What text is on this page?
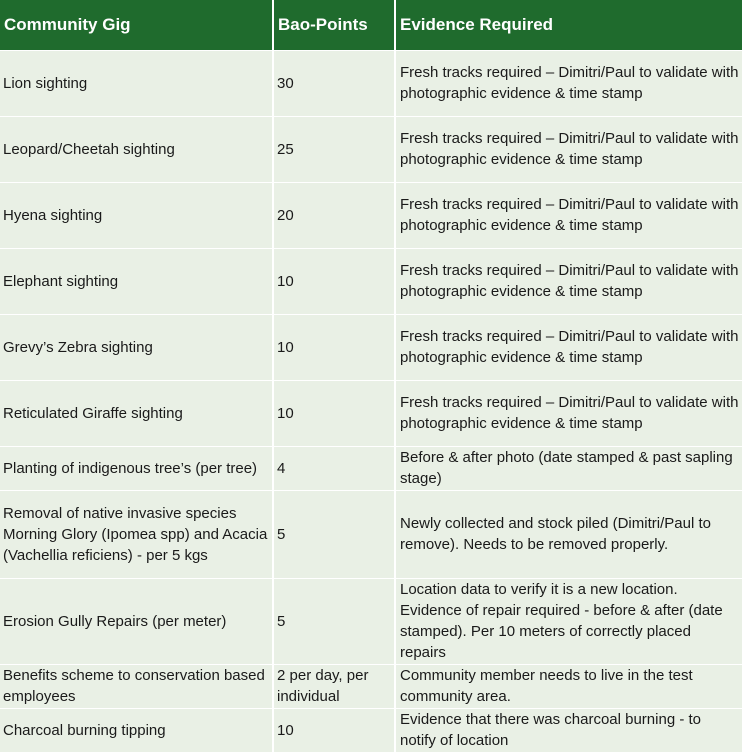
Community Gig	Bao-Points	Evidence Required
Lion sighting	30	Fresh tracks required – Dimitri/Paul to validate with photographic evidence & time stamp
Leopard/Cheetah sighting	25	Fresh tracks required – Dimitri/Paul to validate with photographic evidence & time stamp
Hyena sighting	20	Fresh tracks required – Dimitri/Paul to validate with photographic evidence & time stamp
Elephant sighting	10	Fresh tracks required – Dimitri/Paul to validate with photographic evidence & time stamp
Grevy’s Zebra sighting	10	Fresh tracks required – Dimitri/Paul to validate with photographic evidence & time stamp
Reticulated Giraffe sighting	10	Fresh tracks required – Dimitri/Paul to validate with photographic evidence & time stamp
Planting of indigenous tree’s (per tree)	4	Before & after photo (date stamped & past sapling stage)
Removal of native invasive species Morning Glory (Ipomea spp) and Acacia (Vachellia reficiens) - per 5 kgs	5	Newly collected and stock piled (Dimitri/Paul to remove). Needs to be removed properly.
Erosion Gully Repairs (per meter)	5	Location data to verify it is a new location. Evidence of repair required - before & after (date stamped). Per 10 meters of correctly placed repairs
Benefits scheme to conservation based employees	2 per day, per individual	Community member needs to live in the test community area.
Charcoal burning tipping	10	Evidence that there was charcoal burning - to notify of location
